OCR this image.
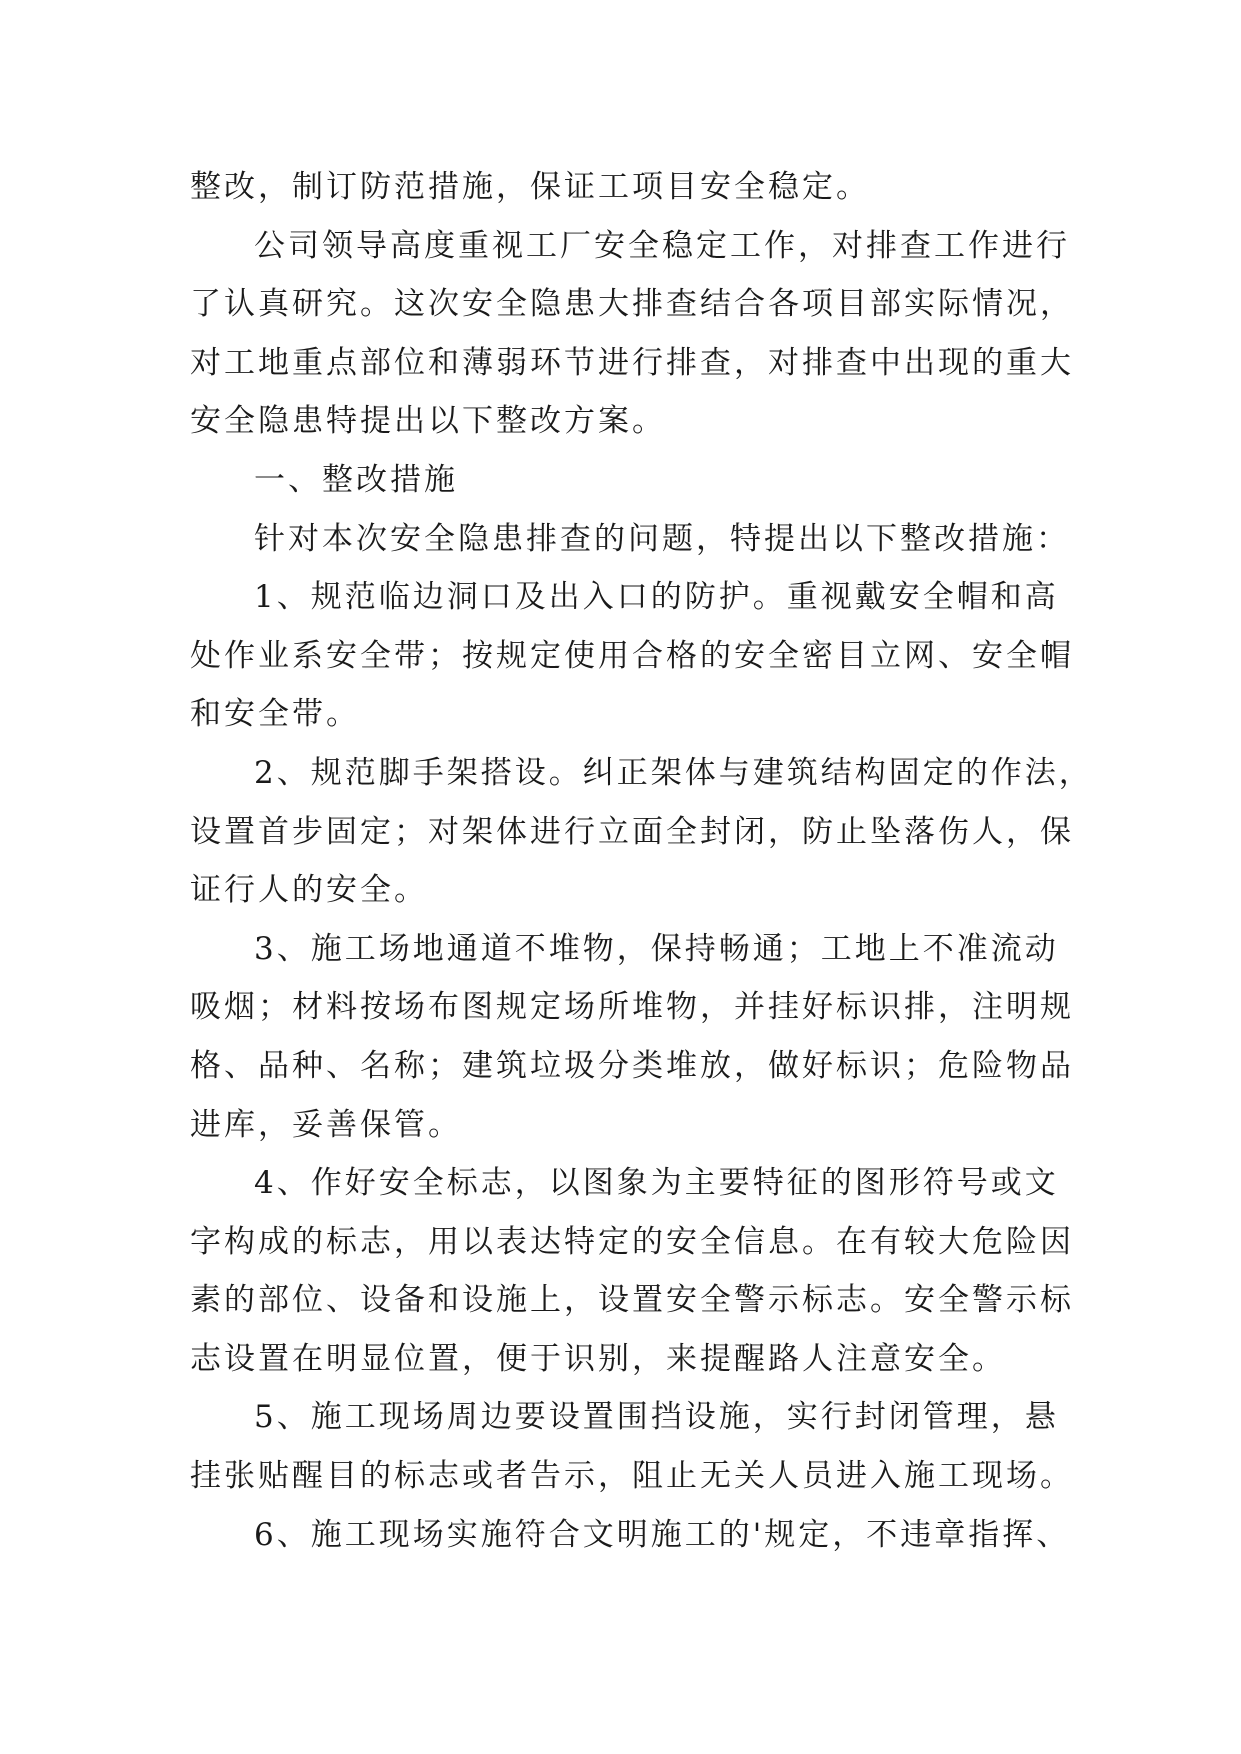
整改，制订防范措施，保证工项目安全稳定。
公司领导高度重视工厂安全稳定工作，对排查工作进行
了认真研究。这次安全隐患大排查结合各项目部实际情况，
对工地重点部位和薄弱环节进行排查，对排查中出现的重大
安全隐患特提出以下整改方案。
一、整改措施
针对本次安全隐患排查的问题，特提出以下整改措施：
1、规范临边洞口及出入口的防护。重视戴安全帽和高
处作业系安全带；按规定使用合格的安全密目立网、安全帽
和安全带。
2、规范脚手架搭设。纠正架体与建筑结构固定的作法，
设置首步固定；对架体进行立面全封闭，防止坠落伤人，保
证行人的安全。
3、施工场地通道不堆物，保持畅通；工地上不准流动
吸烟；材料按场布图规定场所堆物，并挂好标识排，注明规
格、品种、名称；建筑垃圾分类堆放，做好标识；危险物品
进库，妥善保管。
4、作好安全标志，以图象为主要特征的图形符号或文
字构成的标志，用以表达特定的安全信息。在有较大危险因
素的部位、设备和设施上，设置安全警示标志。安全警示标
志设置在明显位置，便于识别，来提醒路人注意安全。
5、施工现场周边要设置围挡设施，实行封闭管理，悬
挂张贴醒目的标志或者告示，阻止无关人员进入施工现场。
6、施工现场实施符合文明施工的'规定，不违章指挥、
